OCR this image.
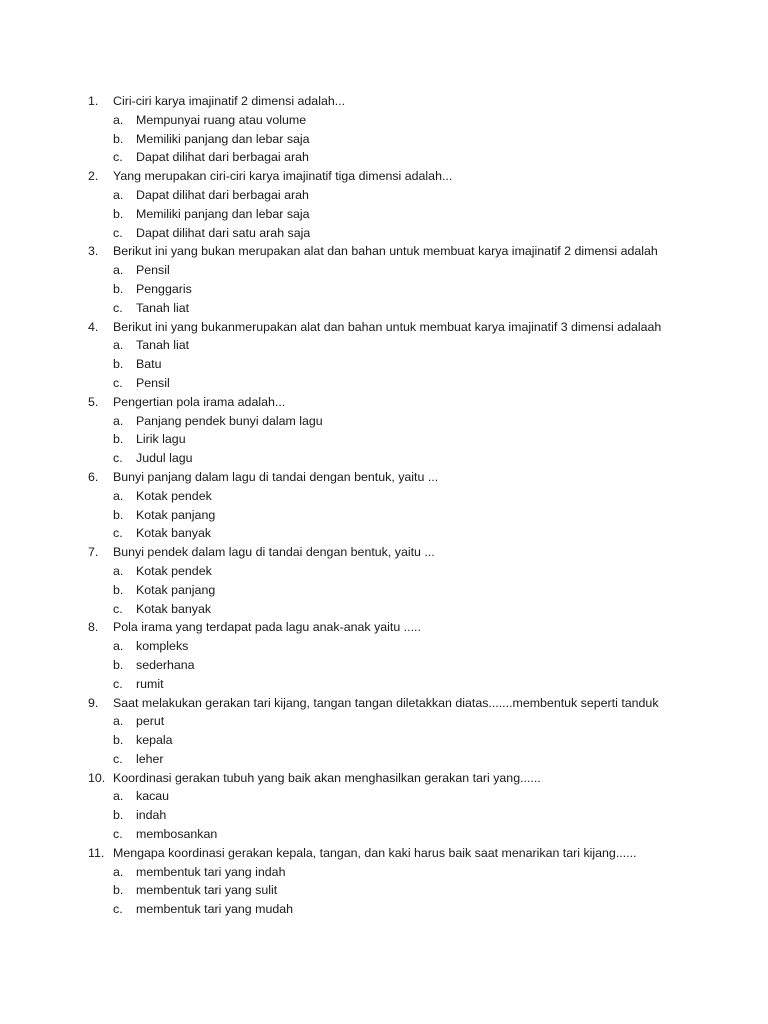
1.	Ciri-ciri karya imajinatif 2 dimensi adalah...
a.	Mempunyai ruang atau volume
b.	Memiliki panjang dan lebar saja
c.	Dapat dilihat dari berbagai arah
2.	Yang merupakan ciri-ciri karya imajinatif tiga dimensi adalah...
a.	Dapat dilihat dari berbagai arah
b.	Memiliki panjang dan lebar saja
c.	Dapat dilihat dari satu arah saja
3.	Berikut ini yang bukan merupakan alat dan bahan untuk membuat karya imajinatif 2 dimensi adalah
a.	Pensil
b.	Penggaris
c.	Tanah liat
4.	Berikut ini yang bukanmerupakan alat dan bahan untuk membuat karya imajinatif 3 dimensi adalaah
a.	Tanah liat
b.	Batu
c.	Pensil
5.	Pengertian pola irama adalah...
a.	Panjang pendek bunyi dalam lagu
b.	Lirik lagu
c.	Judul lagu
6.	Bunyi panjang dalam lagu di tandai dengan bentuk, yaitu ...
a.	Kotak pendek
b.	Kotak panjang
c.	Kotak banyak
7.	Bunyi pendek dalam lagu di tandai dengan bentuk, yaitu ...
a.	Kotak pendek
b.	Kotak panjang
c.	Kotak banyak
8.	Pola irama yang terdapat pada lagu anak-anak yaitu .....
a.	kompleks
b.	sederhana
c.	rumit
9.	Saat melakukan gerakan tari kijang, tangan tangan diletakkan diatas.......membentuk seperti tanduk
a.	perut
b.	kepala
c.	leher
10. Koordinasi gerakan tubuh yang baik akan menghasilkan gerakan tari yang......
a.	kacau
b.	indah
c.	membosankan
11. Mengapa koordinasi gerakan kepala, tangan, dan kaki harus baik saat menarikan tari kijang......
a.	membentuk tari yang indah
b.	membentuk tari yang sulit
c.	membentuk tari yang mudah
